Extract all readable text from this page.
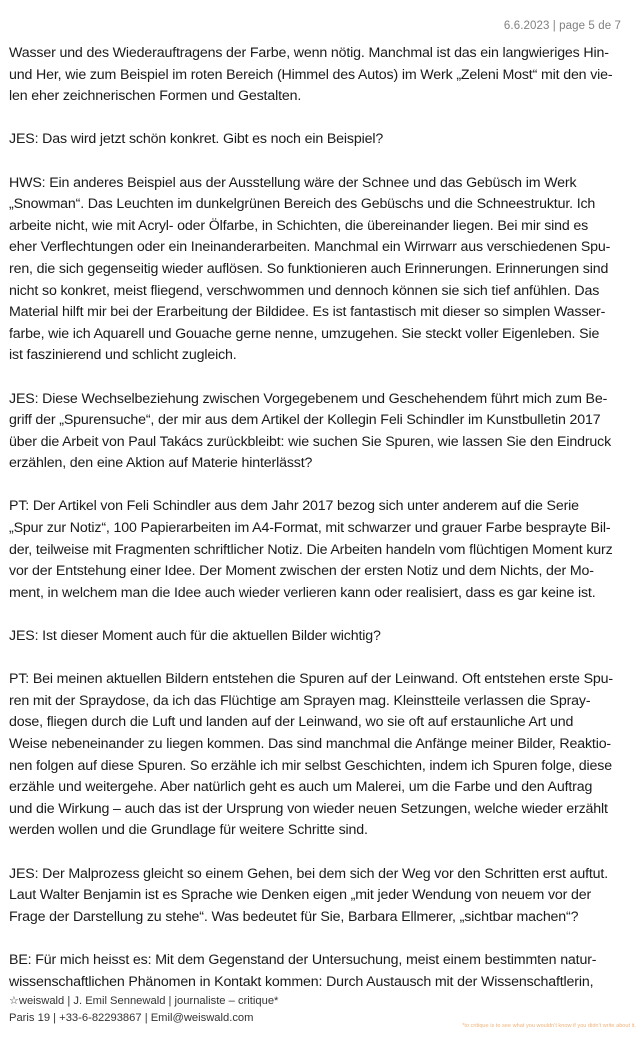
6.6.2023 | page 5 de 7

Wasser und des Wiederauftragens der Farbe, wenn nötig. Manchmal ist das ein langwieriges Hin-
und Her, wie zum Beispiel im roten Bereich (Himmel des Autos) im Werk „Zeleni Most“ mit den vie-
len eher zeichnerischen Formen und Gestalten.

JES: Das wird jetzt schön konkret. Gibt es noch ein Beispiel?

HWS: Ein anderes Beispiel aus der Ausstellung wäre der Schnee und das Gebüsch im Werk
„Snowman“. Das Leuchten im dunkelgrünen Bereich des Gebüschs und die Schneestruktur. Ich
arbeite nicht, wie mit Acryl- oder Ölfarbe, in Schichten, die übereinander liegen. Bei mir sind es
eher Verflechtungen oder ein Ineinanderarbeiten. Manchmal ein Wirrwarr aus verschiedenen Spu-
ren, die sich gegenseitig wieder auflösen. So funktionieren auch Erinnerungen. Erinnerungen sind
nicht so konkret, meist fliegend, verschwommen und dennoch können sie sich tief anfühlen. Das
Material hilft mir bei der Erarbeitung der Bildidee. Es ist fantastisch mit dieser so simplen Wasser-
farbe, wie ich Aquarell und Gouache gerne nenne, umzugehen. Sie steckt voller Eigenleben. Sie
ist faszinierend und schlicht zugleich.

JES: Diese Wechselbeziehung zwischen Vorgegebenem und Geschehendem führt mich zum Be-
griff der „Spurensuche“, der mir aus dem Artikel der Kollegin Feli Schindler im Kunstbulletin 2017
über die Arbeit von Paul Takács zurückbleibt: wie suchen Sie Spuren, wie lassen Sie den Eindruck
erzählen, den eine Aktion auf Materie hinterlässt?

PT: Der Artikel von Feli Schindler aus dem Jahr 2017 bezog sich unter anderem auf die Serie
„Spur zur Notiz“, 100 Papierarbeiten im A4-Format, mit schwarzer und grauer Farbe besprayte Bil-
der, teilweise mit Fragmenten schriftlicher Notiz. Die Arbeiten handeln vom flüchtigen Moment kurz
vor der Entstehung einer Idee. Der Moment zwischen der ersten Notiz und dem Nichts, der Mo-
ment, in welchem man die Idee auch wieder verlieren kann oder realisiert, dass es gar keine ist.

JES: Ist dieser Moment auch für die aktuellen Bilder wichtig?

PT: Bei meinen aktuellen Bildern entstehen die Spuren auf der Leinwand. Oft entstehen erste Spu-
ren mit der Spraydose, da ich das Flüchtige am Sprayen mag. Kleinstteile verlassen die Spray-
dose, fliegen durch die Luft und landen auf der Leinwand, wo sie oft auf erstaunliche Art und
Weise nebeneinander zu liegen kommen. Das sind manchmal die Anfänge meiner Bilder, Reaktio-
nen folgen auf diese Spuren. So erzähle ich mir selbst Geschichten, indem ich Spuren folge, diese
erzähle und weitergehe. Aber natürlich geht es auch um Malerei, um die Farbe und den Auftrag
und die Wirkung – auch das ist der Ursprung von wieder neuen Setzungen, welche wieder erzählt
werden wollen und die Grundlage für weitere Schritte sind.

JES: Der Malprozess gleicht so einem Gehen, bei dem sich der Weg vor den Schritten erst auftut.
Laut Walter Benjamin ist es Sprache wie Denken eigen „mit jeder Wendung von neuem vor der
Frage der Darstellung zu stehe“. Was bedeutet für Sie, Barbara Ellmerer, „sichtbar machen“?

BE: Für mich heisst es: Mit dem Gegenstand der Untersuchung, meist einem bestimmten natur-
wissenschaftlichen Phänomen in Kontakt kommen: Durch Austausch mit der Wissenschaftlerin,

☆weiswald | J. Emil Sennewald | journaliste – critique*
Paris 19 | +33-6-82293867 | Emil@weiswald.com
*to critique is to see what you wouldn't know if you didn't write about it.
